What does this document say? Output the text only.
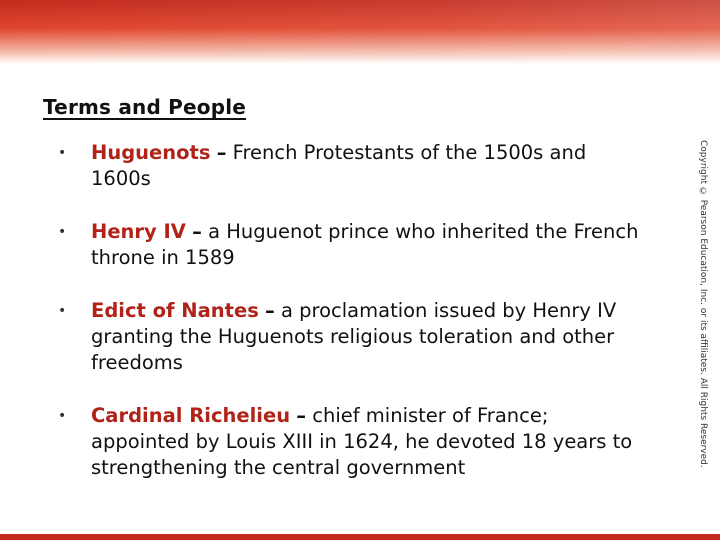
Terms and People
• Huguenots – French Protestants of the 1500s and 1600s
• Henry IV – a Huguenot prince who inherited the French throne in 1589
• Edict of Nantes – a proclamation issued by Henry IV granting the Huguenots religious toleration and other freedoms
• Cardinal Richelieu – chief minister of France; appointed by Louis XIII in 1624, he devoted 18 years to strengthening the central government	Copyright © Pearson Education, Inc. or its affiliates. All Rights Reserved.
